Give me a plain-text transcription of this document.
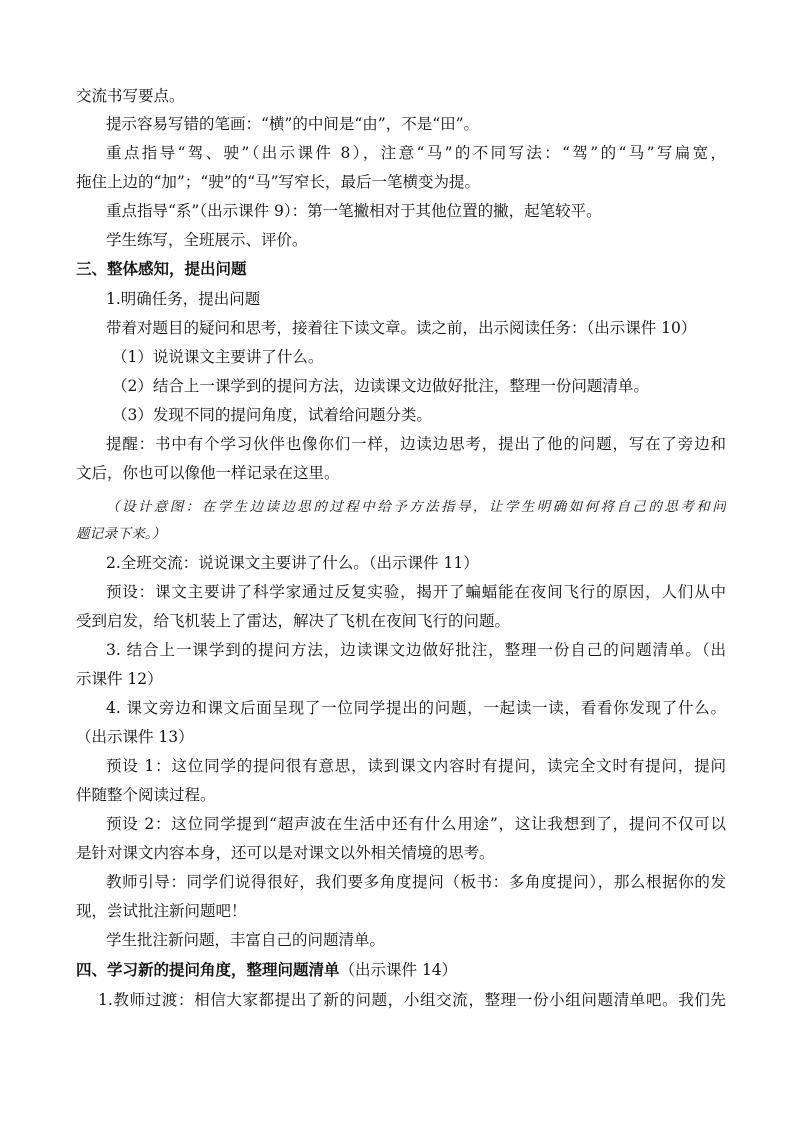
交流书写要点。
提示容易写错的笔画：“横”的中间是“由”，不是“田”。
重点指导“驾、驶”（出示课件 8），注意“马”的不同写法：“驾”的“马”写扁宽，
拖住上边的“加”；“驶”的“马”写窄长，最后一笔横变为提。
重点指导“系”（出示课件 9）：第一笔撇相对于其他位置的撇，起笔较平。
学生练写，全班展示、评价。
三、整体感知，提出问题
1.明确任务，提出问题
带着对题目的疑问和思考，接着往下读文章。读之前，出示阅读任务：（出示课件 10）
（1）说说课文主要讲了什么。
（2）结合上一课学到的提问方法，边读课文边做好批注，整理一份问题清单。
（3）发现不同的提问角度，试着给问题分类。
提醒：书中有个学习伙伴也像你们一样，边读边思考，提出了他的问题，写在了旁边和
文后，你也可以像他一样记录在这里。
（设计意图：在学生边读边思的过程中给予方法指导，让学生明确如何将自己的思考和问
题记录下来。）
2.全班交流：说说课文主要讲了什么。（出示课件 11）
预设：课文主要讲了科学家通过反复实验，揭开了蝙蝠能在夜间飞行的原因，人们从中
受到启发，给飞机装上了雷达，解决了飞机在夜间飞行的问题。
3. 结合上一课学到的提问方法，边读课文边做好批注，整理一份自己的问题清单。（出
示课件 12）
4. 课文旁边和课文后面呈现了一位同学提出的问题，一起读一读，看看你发现了什么。
（出示课件 13）
预设 1：这位同学的提问很有意思，读到课文内容时有提问，读完全文时有提问，提问
伴随整个阅读过程。
预设 2：这位同学提到“超声波在生活中还有什么用途”，这让我想到了，提问不仅可以
是针对课文内容本身，还可以是对课文以外相关情境的思考。
教师引导：同学们说得很好，我们要多角度提问（板书：多角度提问），那么根据你的发
现，尝试批注新问题吧！
学生批注新问题，丰富自己的问题清单。
四、学习新的提问角度，整理问题清单（出示课件 14）
1.教师过渡：相信大家都提出了新的问题，小组交流，整理一份小组问题清单吧。我们先
